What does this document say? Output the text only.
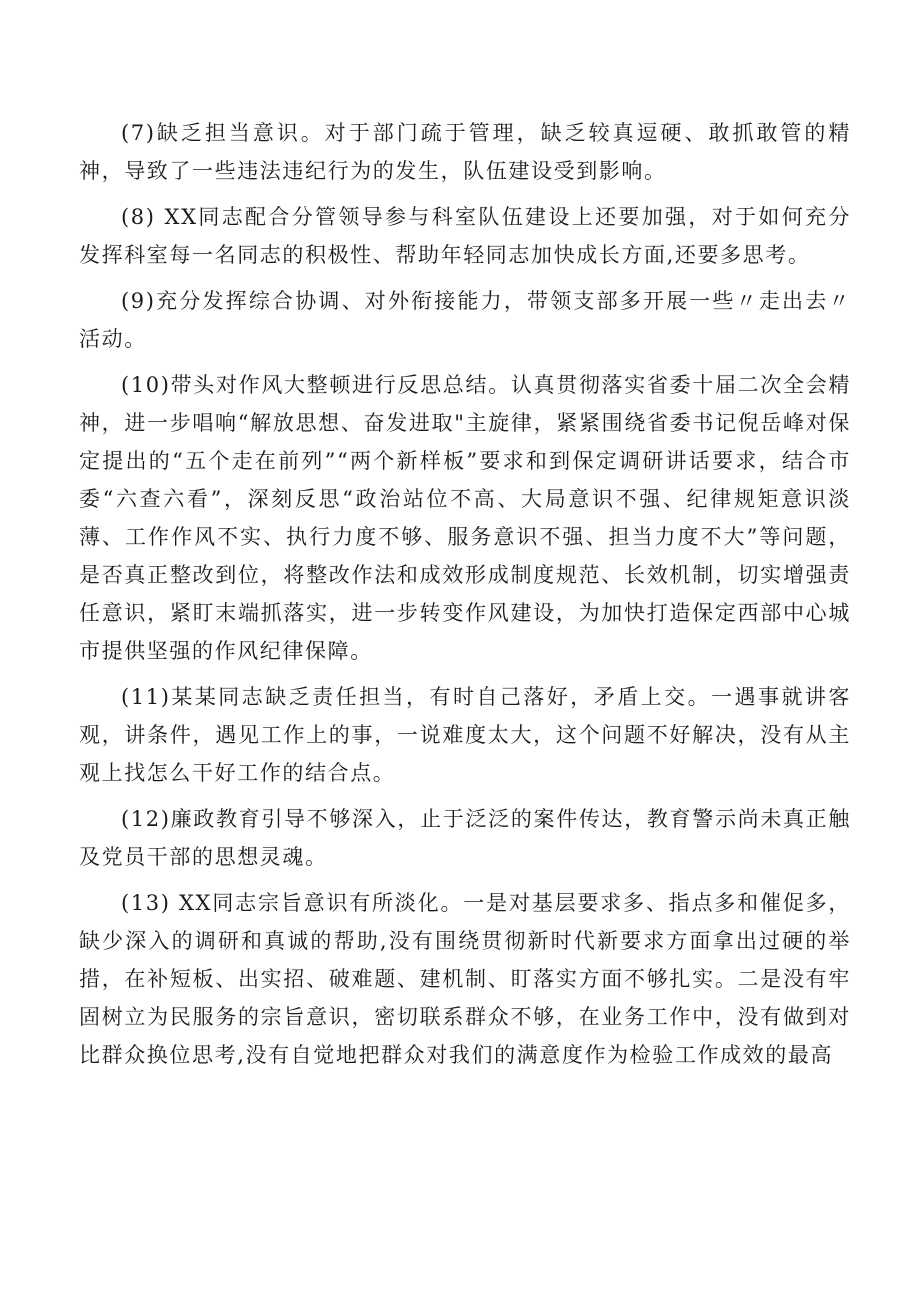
(7)缺乏担当意识。对于部门疏于管理，缺乏较真逗硬、敢抓敢管的精神，导致了一些违法违纪行为的发生，队伍建设受到影响。

(8) XX同志配合分管领导参与科室队伍建设上还要加强，对于如何充分发挥科室每一名同志的积极性、帮助年轻同志加快成长方面,还要多思考。

(9)充分发挥综合协调、对外衔接能力，带领支部多开展一些〃走出去〃活动。

(10)带头对作风大整顿进行反思总结。认真贯彻落实省委十届二次全会精神，进一步唱响“解放思想、奋发进取"主旋律，紧紧围绕省委书记倪岳峰对保定提出的“五个走在前列”“两个新样板”要求和到保定调研讲话要求，结合市委“六查六看”，深刻反思“政治站位不高、大局意识不强、纪律规矩意识淡薄、工作作风不实、执行力度不够、服务意识不强、担当力度不大”等问题，是否真正整改到位，将整改作法和成效形成制度规范、长效机制，切实增强责任意识，紧盯末端抓落实，进一步转变作风建设，为加快打造保定西部中心城市提供坚强的作风纪律保障。

(11)某某同志缺乏责任担当，有时自己落好，矛盾上交。一遇事就讲客观，讲条件，遇见工作上的事，一说难度太大，这个问题不好解决，没有从主观上找怎么干好工作的结合点。

(12)廉政教育引导不够深入，止于泛泛的案件传达，教育警示尚未真正触及党员干部的思想灵魂。

(13) XX同志宗旨意识有所淡化。一是对基层要求多、指点多和催促多，缺少深入的调研和真诚的帮助,没有围绕贯彻新时代新要求方面拿出过硬的举措，在补短板、出实招、破难题、建机制、盯落实方面不够扎实。二是没有牢固树立为民服务的宗旨意识，密切联系群众不够，在业务工作中，没有做到对比群众换位思考,没有自觉地把群众对我们的满意度作为检验工作成效的最高
